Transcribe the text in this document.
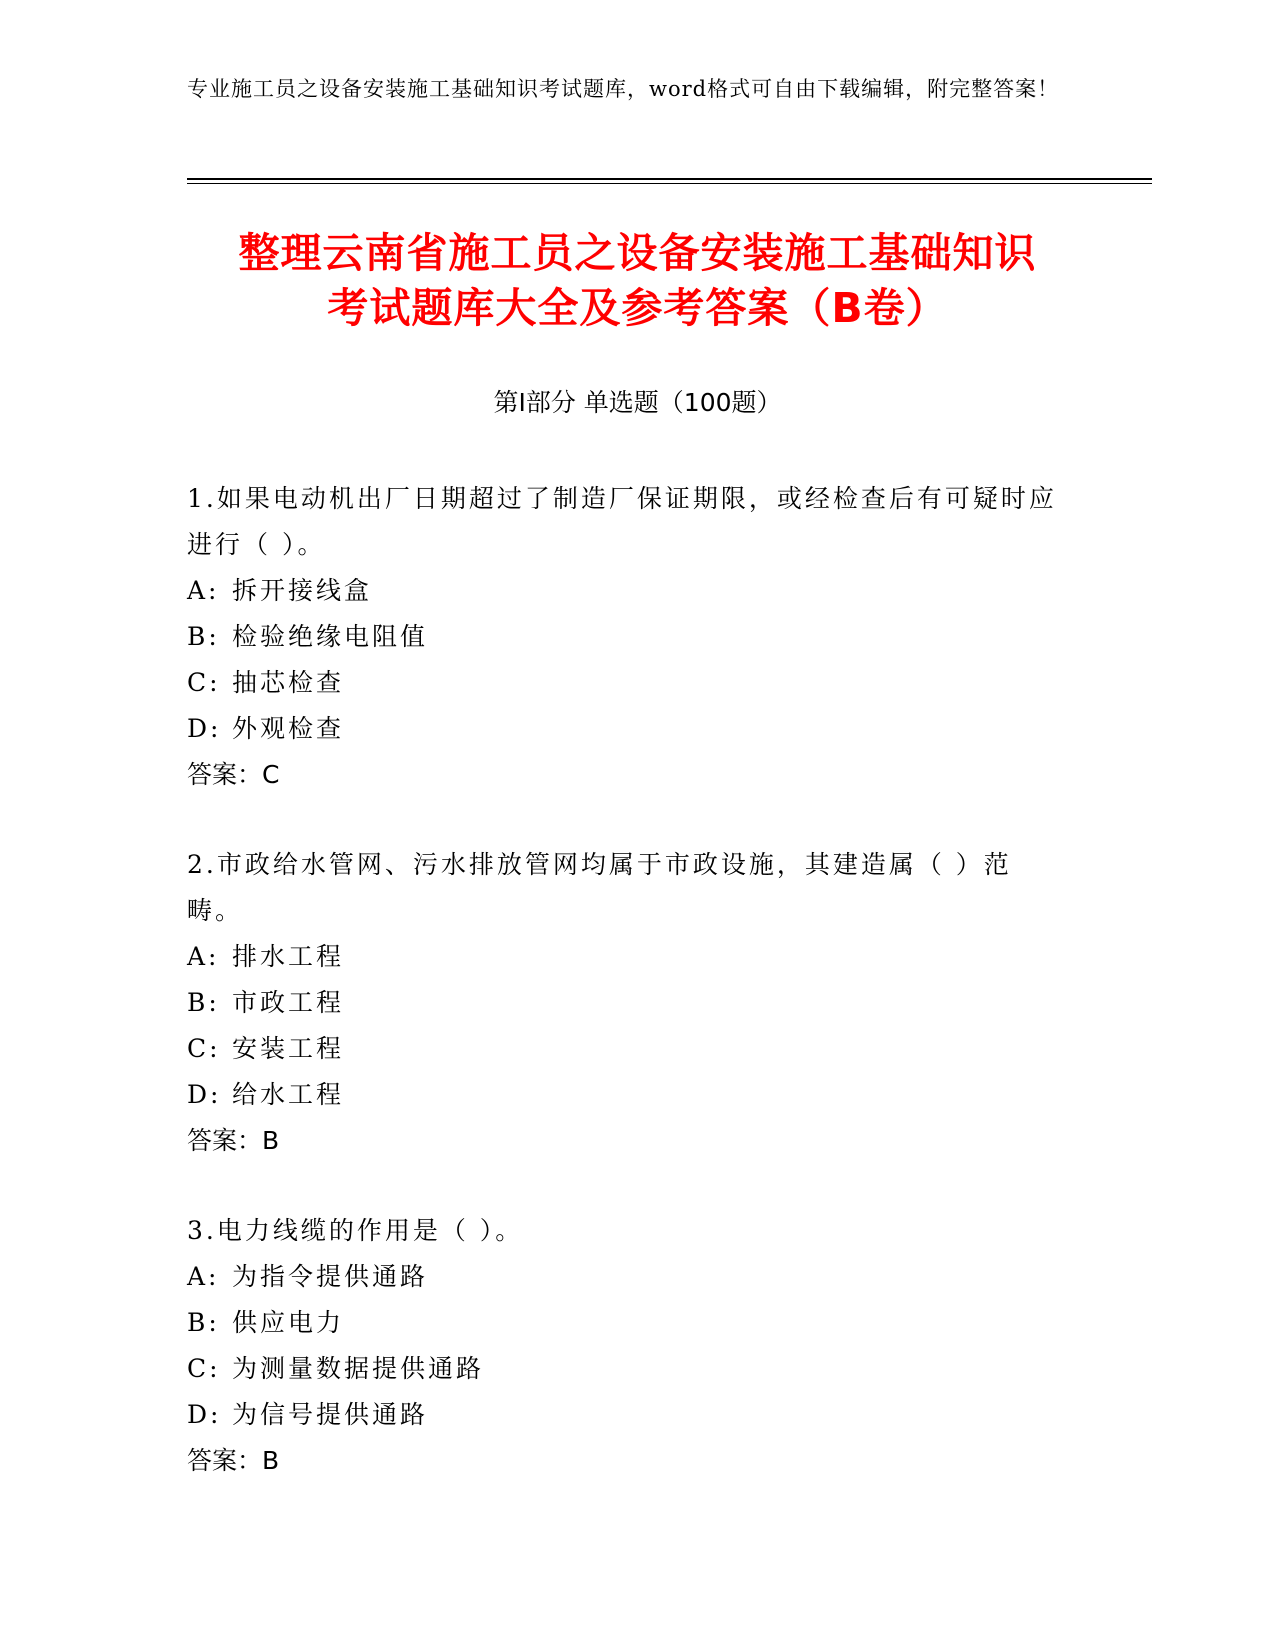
专业施工员之设备安装施工基础知识考试题库，word格式可自由下载编辑，附完整答案！
整理云南省施工员之设备安装施工基础知识
考试题库大全及参考答案（B卷）
第I部分 单选题（100题）
1.如果电动机出厂日期超过了制造厂保证期限，或经检查后有可疑时应进行（ ）。
A: 拆开接线盒
B: 检验绝缘电阻值
C: 抽芯检查
D: 外观检查
答案：C
2.市政给水管网、污水排放管网均属于市政设施，其建造属（ ）范畴。
A: 排水工程
B: 市政工程
C: 安装工程
D: 给水工程
答案：B
3.电力线缆的作用是（ ）。
A: 为指令提供通路
B: 供应电力
C: 为测量数据提供通路
D: 为信号提供通路
答案：B
